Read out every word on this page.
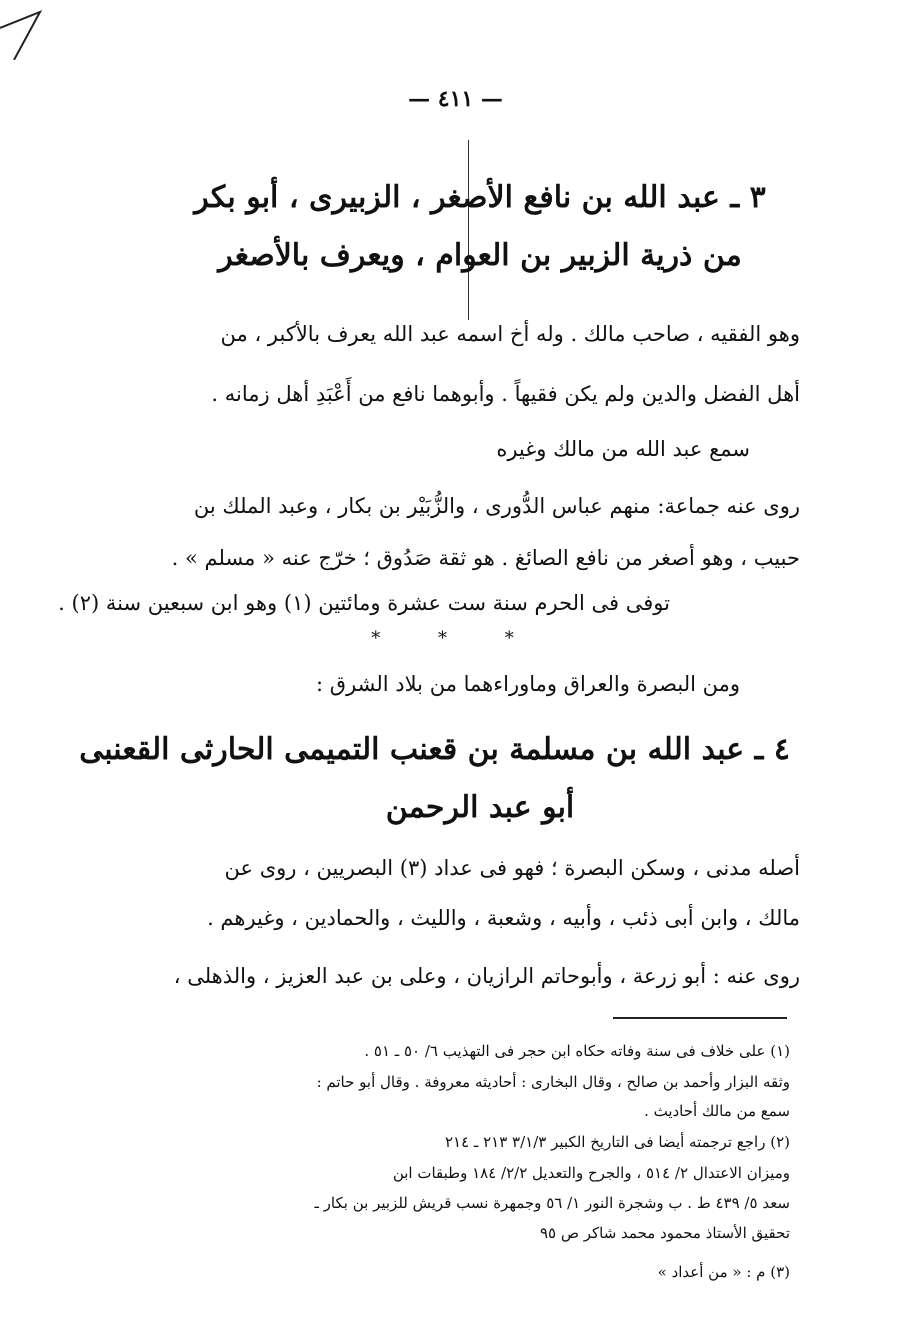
— ٤١١ —
٣ ـ عبد الله بن نافع الأصغر ، الزبيرى ، أبو بكر
من ذرية الزبير بن العوام ، ويعرف بالأصغر
وهو الفقيه ، صاحب مالك . وله أخ اسمه عبد الله يعرف بالأكبر ، من
أهل الفضل والدين ولم يكن فقيهاً . وأبوهما نافع من أَعْبَدِ أهل زمانه .
سمع عبد الله من مالك وغيره
روى عنه جماعة: منهم عباس الدُّورى ، والزُّبَيْر بن بكار ، وعبد الملك بن
حبيب ، وهو أصغر من نافع الصائغ . هو ثقة صَدُوق ؛ خرّج عنه « مسلم » .
توفى فى الحرم سنة ست عشرة ومائتين (١) وهو ابن سبعين سنة (٢) .
* * *
ومن البصرة والعراق وماوراءهما من بلاد الشرق :
٤ ـ عبد الله بن مسلمة بن قعنب التميمى الحارثى القعنبى
أبو عبد الرحمن
أصله مدنى ، وسكن البصرة ؛ فهو فى عداد (٣) البصريين ، روى عن
مالك ، وابن أبى ذئب ، وأبيه ، وشعبة ، والليث ، والحمادين ، وغيرهم .
روى عنه : أبو زرعة ، وأبوحاتم الرازيان ، وعلى بن عبد العزيز ، والذهلى ،
(١) على خلاف فى سنة وفاته حكاه ابن حجر فى التهذيب ٦/ ٥٠ ـ ٥١ .
وثقه البزار وأحمد بن صالح ، وقال البخارى : أحاديثه معروفة . وقال أبو حاتم :
سمع من مالك أحاديث .
(٢) راجع ترجمته أيضا فى التاريخ الكبير ٣/١/٣ ٢١٣ ـ ٢١٤
وميزان الاعتدال ٢/ ٥١٤ ، والجرح والتعديل ٢/٢/ ١٨٤ وطبقات ابن
سعد ٥/ ٤٣٩ ط . ب وشجرة النور ١/ ٥٦ وجمهرة نسب قريش للزبير بن بكار ـ
تحقيق الأستاذ محمود محمد شاكر ص ٩٥
(٣) م : « من أعداد »
